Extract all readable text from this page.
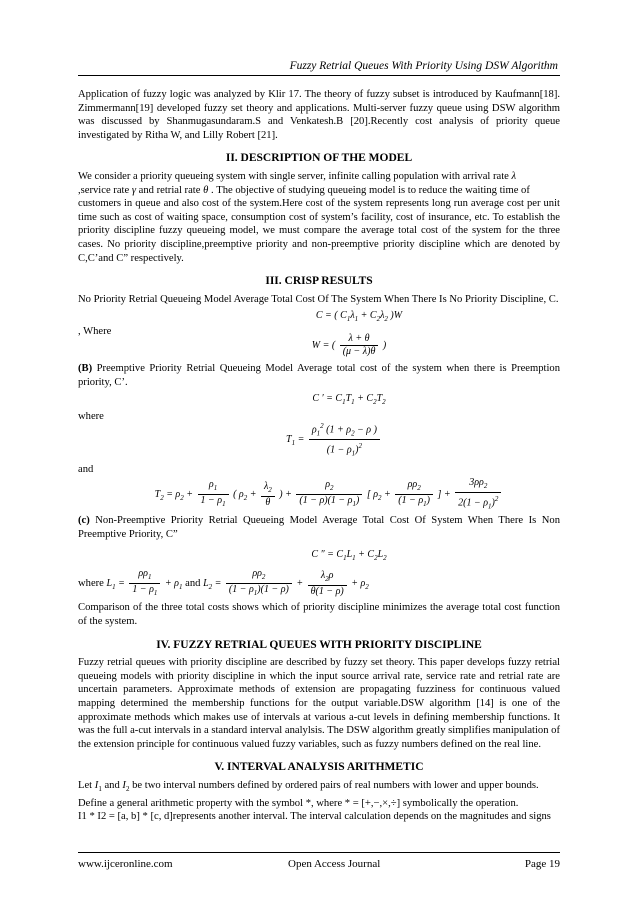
Fuzzy Retrial Queues With Priority Using DSW Algorithm

Application of fuzzy logic was analyzed by Klir 17. The theory of fuzzy subset is introduced by Kaufmann[18]. Zimmermann[19] developed fuzzy set theory and applications. Multi-server fuzzy queue using DSW algorithm was discussed by Shanmugasundaram.S and Venkatesh.B [20].Recently cost analysis of priority queue investigated by Ritha W, and Lilly Robert [21].

II. DESCRIPTION OF THE MODEL

We consider a priority queueing system with single server, infinite calling population with arrival rate λ
,service rate γ and retrial rate θ . The objective of studying queueing model is to reduce the waiting time of

customers in queue and also cost of the system.Here cost of the system represents long run average cost per unit time such as cost of waiting space, consumption cost of system’s facility, cost of insurance, etc. To establish the priority discipline fuzzy queueing model, we must compare the average total cost of the system for the three cases. No priority discipline,preemptive priority and non-preemptive priority discipline which are denoted by C,C’and C” respectively.

III. CRISP RESULTS

No Priority Retrial Queueing Model Average Total Cost Of The System When There Is No Priority Discipline, C.

C = ( $C_1\lambda_1 + C_2\lambda_2$ )W

, Where

W = ( $\frac{\lambda + \theta}{(\mu - \lambda)\theta}$ )

(B) Preemptive Priority Retrial Queueing Model Average total cost of the system when there is Preemption priority, C’.

C ′ = $C_1T_1 + C_2T_2$

where

$T_1 = \frac{\rho_1^2 (1 + \rho_2 - \rho )}{(1 - \rho_1)^2}$

and

$T_2 = \rho_2 + \frac{\rho_1}{1 - \rho_1}$ ( $\rho_2 + \frac{\lambda_2}{\theta}$ ) + $\frac{\rho_2}{(1 - \rho)(1 - \rho_1)}$ [ $\rho_2 + \frac{\rho\rho_2}{(1 - \rho_1)}$ ] + $\frac{3\rho\rho_2}{2(1 - \rho_1)^2}$

(c) Non-Preemptive Priority Retrial Queueing Model Average Total Cost Of System When There Is Non Preemptive Priority, C”

C ″ = $C_1L_1 + C_2L_2$
where
$L_1 = \frac{\rho\rho_1}{1 - \rho_1} + \rho_1$
and
$L_2 = \frac{\rho\rho_2}{(1 - \rho_1)(1 - \rho)} + \frac{\lambda_2\rho}{\theta(1 - \rho)} + \rho_2$

Comparison of the three total costs shows which of priority discipline minimizes the average total cost function of the system.

IV. FUZZY RETRIAL QUEUES WITH PRIORITY DISCIPLINE

Fuzzy retrial queues with priority discipline are described by fuzzy set theory. This paper develops fuzzy retrial queueing models with priority discipline in which the input source arrival rate, service rate and retrial rate are uncertain parameters. Approximate methods of extension are propagating fuzziness for continuous valued mapping determined the membership functions for the output variable.DSW algorithm [14] is one of the approximate methods which makes use of intervals at various a-cut levels in defining membership functions. It was the full a-cut intervals in a standard interval analylsis. The DSW algorithm greatly simplifies manipulation of the extension principle for continuous valued fuzzy variables, such as fuzzy numbers defined on the real line.

V. INTERVAL ANALYSIS ARITHMETIC

Let $I_1$ and $I_2$ be two interval numbers defined by ordered pairs of real numbers with lower and upper bounds.

Define a general arithmetic property with the symbol *, where * = [+,−,×,÷] symbolically the operation.

I1 * I2 = [a, b] * [c, d]represents another interval. The interval calculation depends on the magnitudes and signs

www.ijceronline.com	Open Access Journal	Page 19
